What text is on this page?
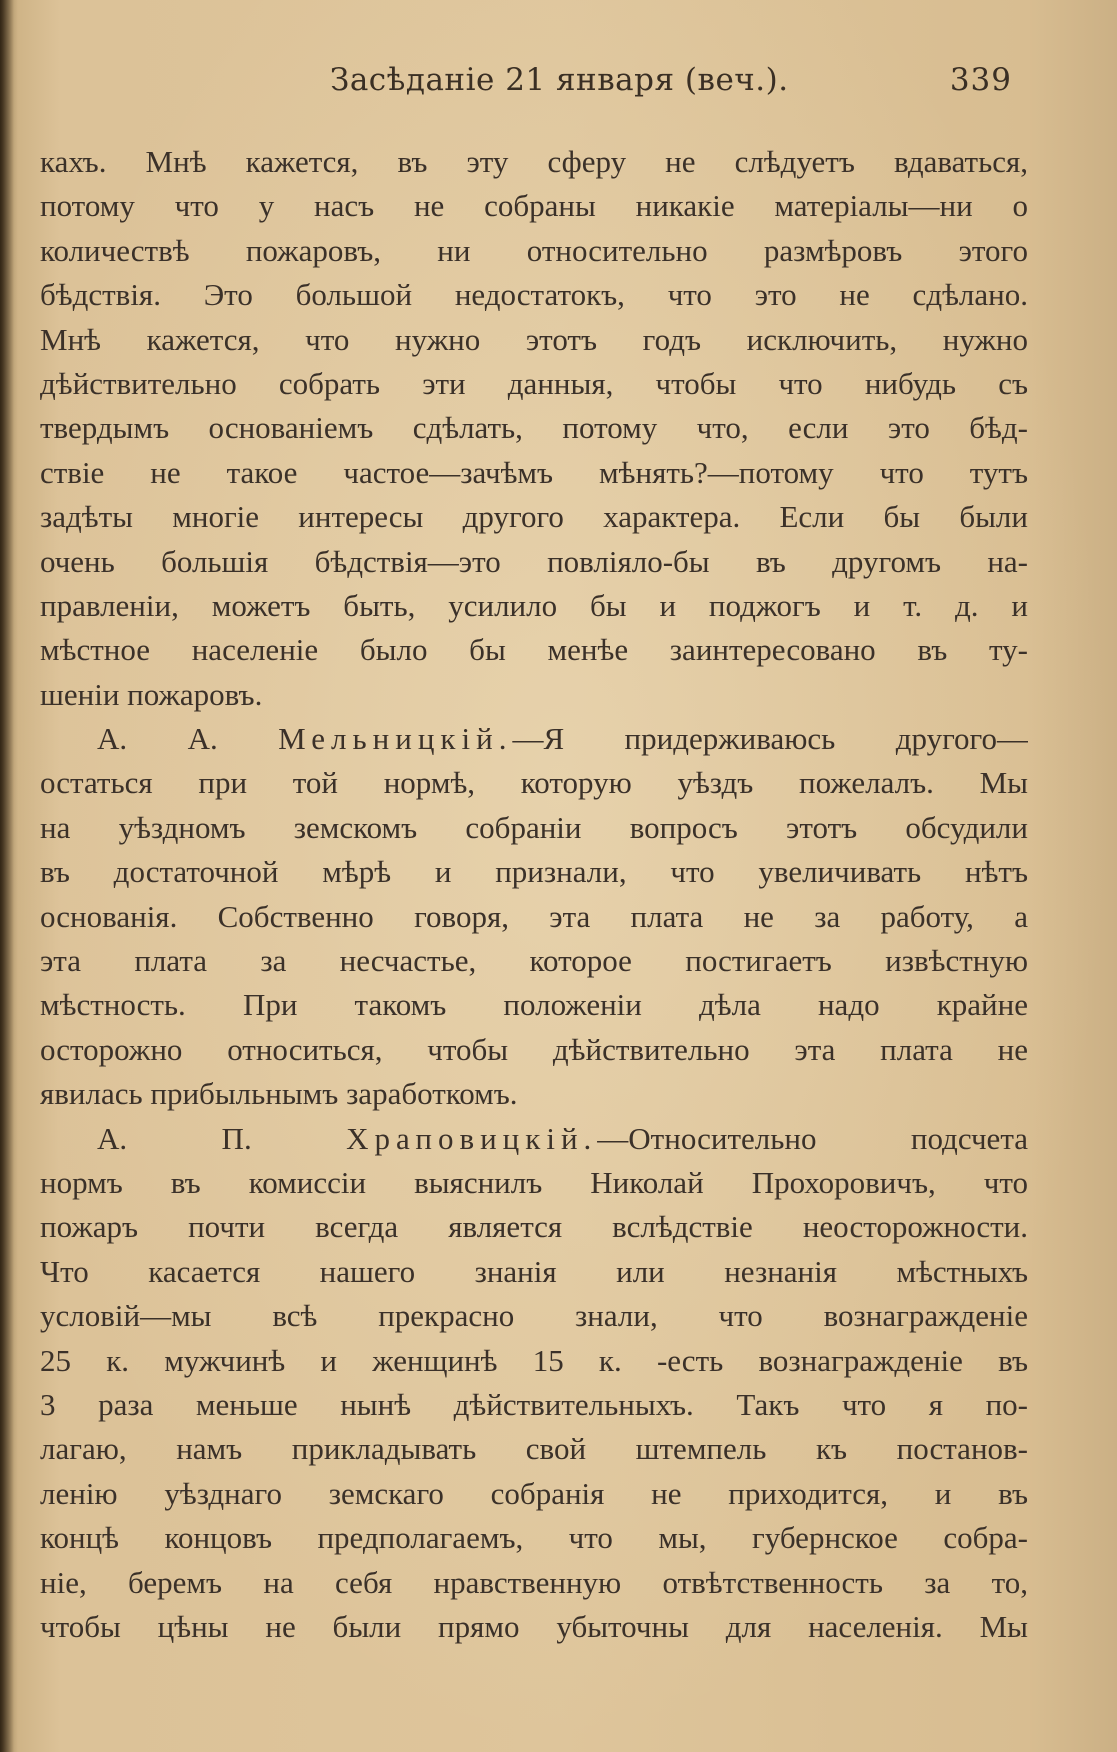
Засѣданіе 21 января (веч.).	339
кахъ. Мнѣ кажется, въ эту сферу не слѣдуетъ вдаваться,
потому что у насъ не собраны никакіе матеріалы—ни о
количествѣ пожаровъ, ни относительно размѣровъ этого
бѣдствія. Это большой недостатокъ, что это не сдѣлано.
Мнѣ кажется, что нужно этотъ годъ исключить, нужно
дѣйствительно собрать эти данныя, чтобы что нибудь съ
твердымъ основаніемъ сдѣлать, потому что, если это бѣд-
ствіе не такое частое—зачѣмъ мѣнять?—потому что тутъ
задѣты многіе интересы другого характера. Если бы были
очень большія бѣдствія—это повліяло-бы въ другомъ на-
правленіи, можетъ быть, усилило бы и поджогъ и т. д. и
мѣстное населеніе было бы менѣе заинтересовано въ ту-
шеніи пожаровъ.
А. А. Мельницкій.—Я придерживаюсь другого—
остаться при той нормѣ, которую уѣздъ пожелалъ. Мы
на уѣздномъ земскомъ собраніи вопросъ этотъ обсудили
въ достаточной мѣрѣ и признали, что увеличивать нѣтъ
основанія. Собственно говоря, эта плата не за работу, а
эта плата за несчастье, которое постигаетъ извѣстную
мѣстность. При такомъ положеніи дѣла надо крайне
осторожно относиться, чтобы дѣйствительно эта плата не
явилась прибыльнымъ заработкомъ.
А. П.	Храповицкій.—Относительно подсчета
нормъ въ комиссіи выяснилъ Николай Прохоровичъ, что
пожаръ почти всегда является вслѣдствіе неосторожности.
Что касается нашего знанія или незнанія мѣстныхъ
условій—мы всѣ прекрасно знали, что вознагражденіе
25 к. мужчинѣ и женщинѣ 15 к. -есть вознагражденіе въ
3 раза меньше нынѣ дѣйствительныхъ. Такъ что я по-
лагаю, намъ прикладывать свой штемпель къ постанов-
ленію уѣзднаго земскаго собранія не приходится, и въ
концѣ концовъ предполагаемъ, что мы, губернское собра-
ніе, беремъ на себя нравственную отвѣтственность за то,
чтобы цѣны не были прямо убыточны для населенія. Мы
